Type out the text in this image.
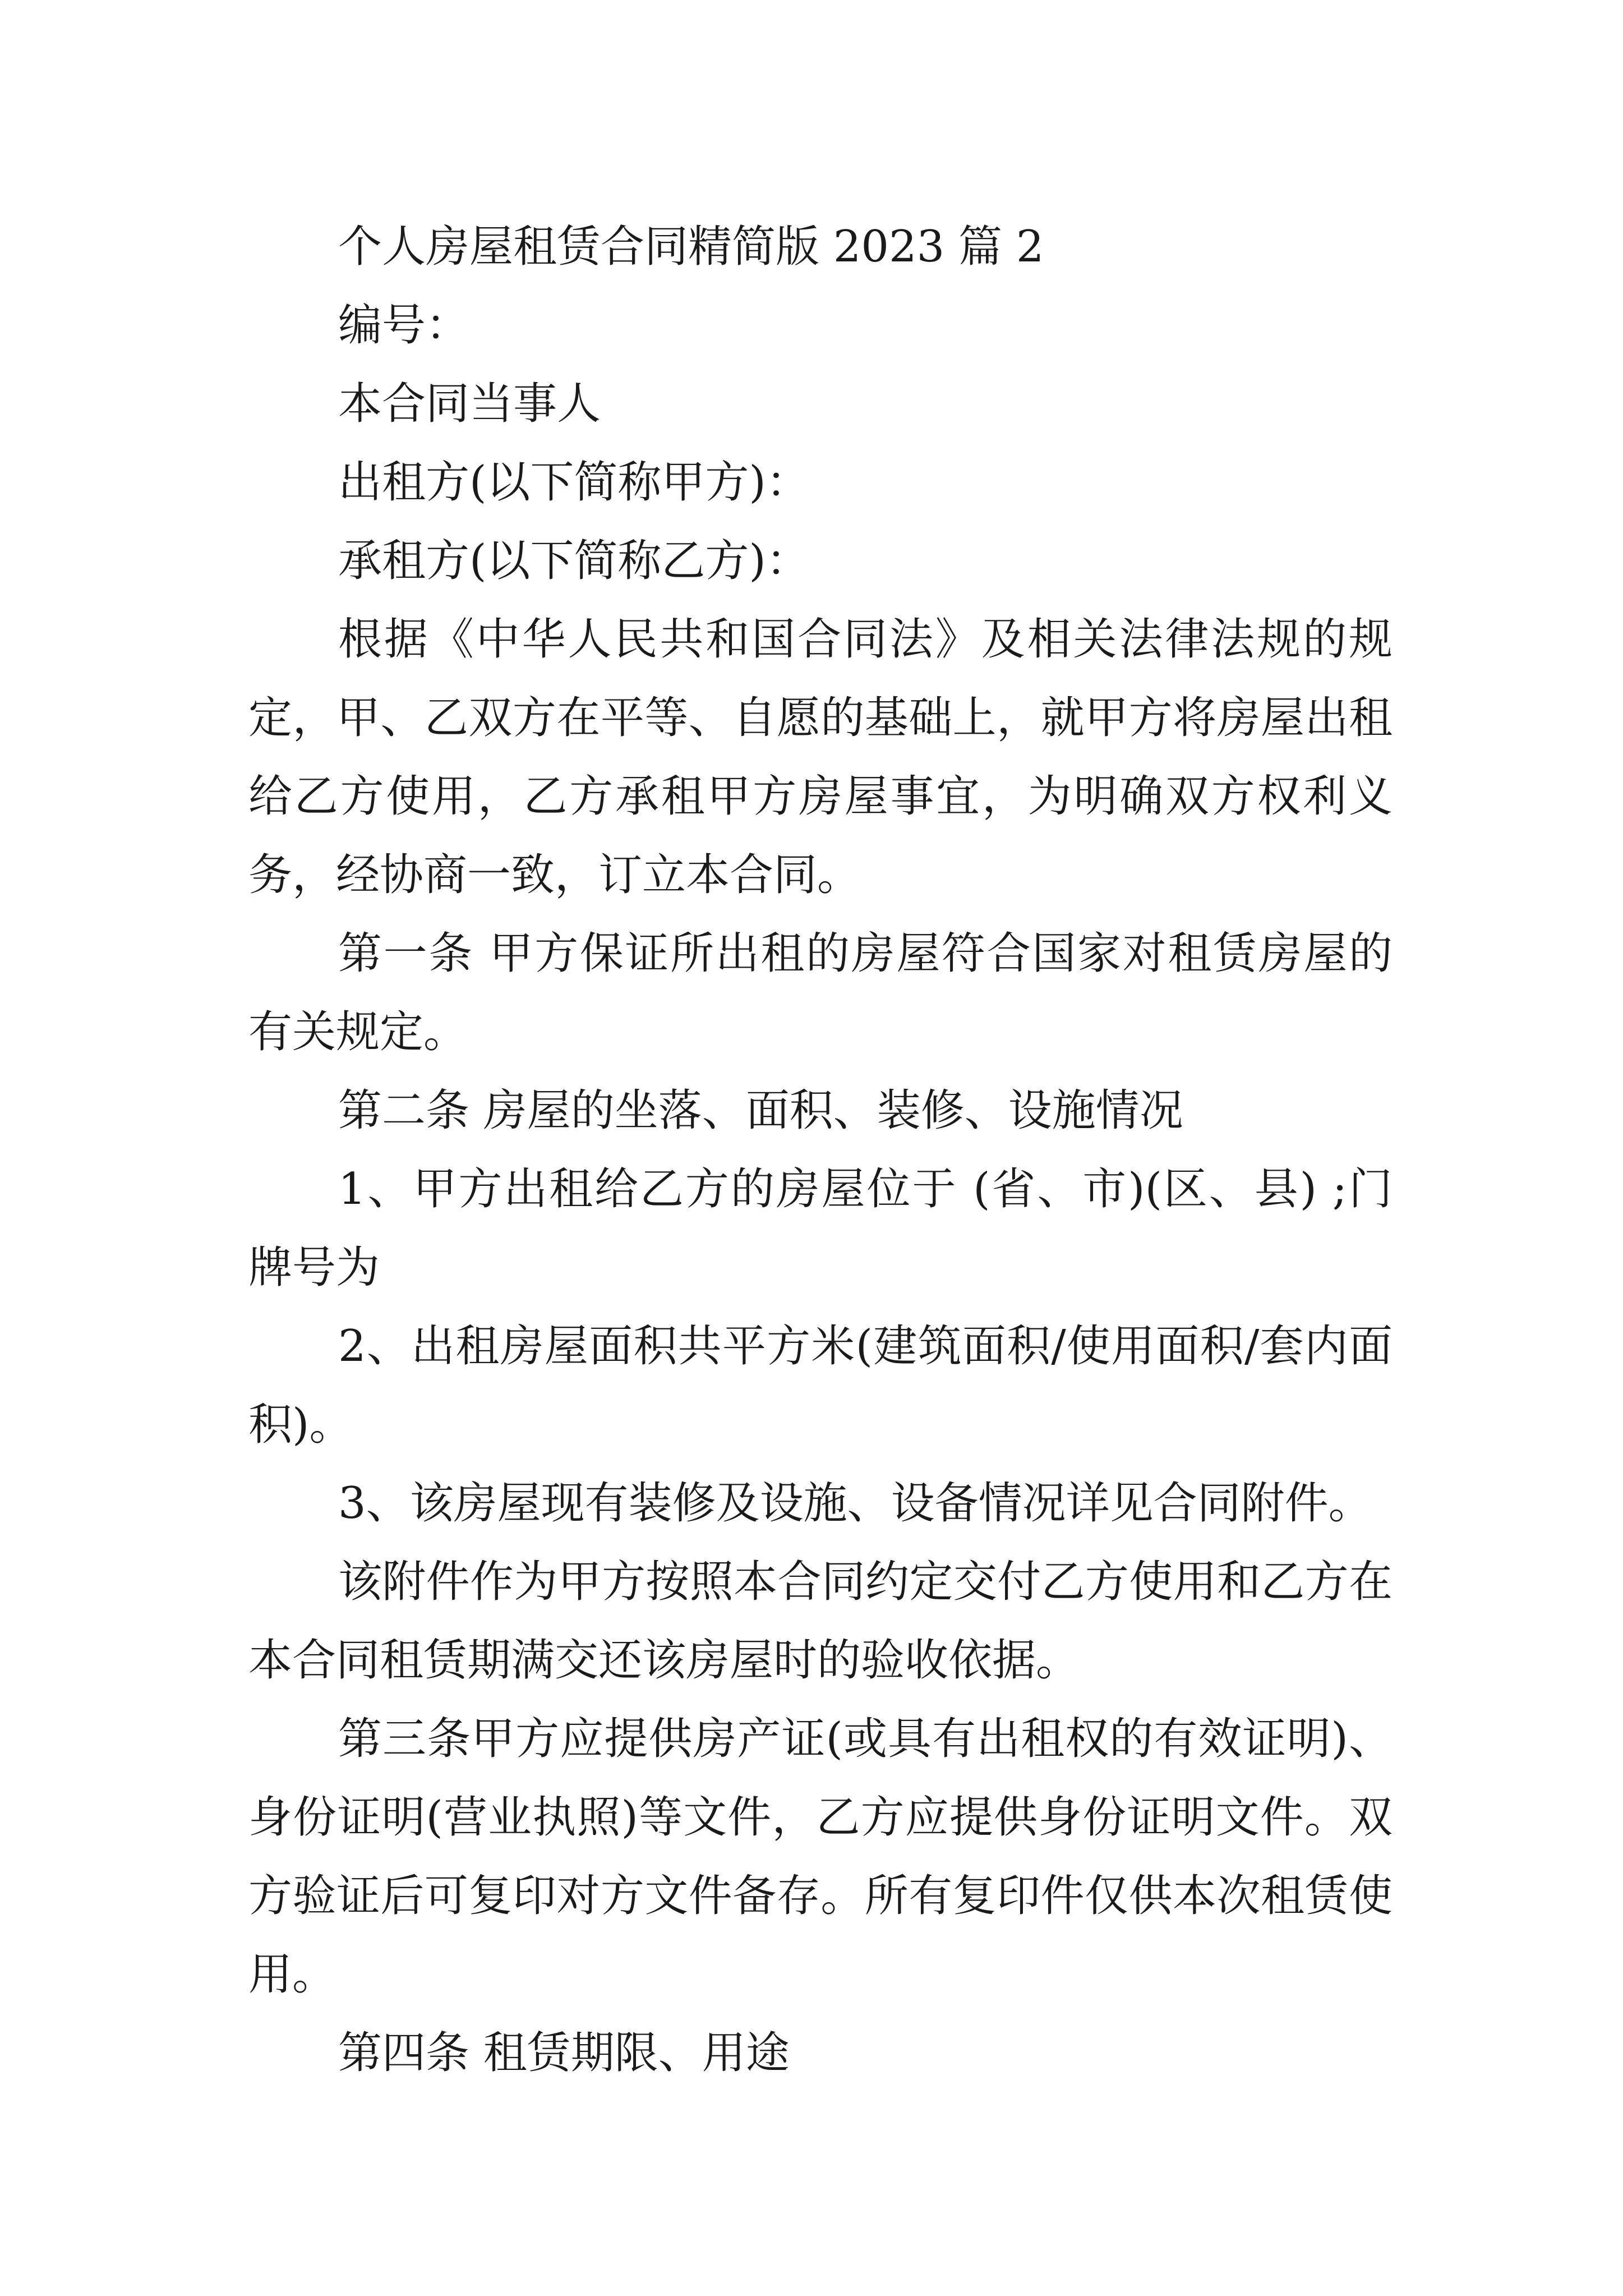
个人房屋租赁合同精简版 2023 篇 2

编号：

本合同当事人

出租方(以下简称甲方)：

承租方(以下简称乙方)：

根据《中华人民共和国合同法》及相关法律法规的规定，甲、乙双方在平等、自愿的基础上，就甲方将房屋出租给乙方使用，乙方承租甲方房屋事宜，为明确双方权利义务，经协商一致，订立本合同。

第一条 甲方保证所出租的房屋符合国家对租赁房屋的有关规定。

第二条 房屋的坐落、面积、装修、设施情况

1、甲方出租给乙方的房屋位于 (省、市)(区、县) ;门牌号为

2、出租房屋面积共平方米(建筑面积/使用面积/套内面积)。

3、该房屋现有装修及设施、设备情况详见合同附件。

该附件作为甲方按照本合同约定交付乙方使用和乙方在本合同租赁期满交还该房屋时的验收依据。

第三条甲方应提供房产证(或具有出租权的有效证明)、身份证明(营业执照)等文件，乙方应提供身份证明文件。双方验证后可复印对方文件备存。所有复印件仅供本次租赁使用。

第四条 租赁期限、用途
